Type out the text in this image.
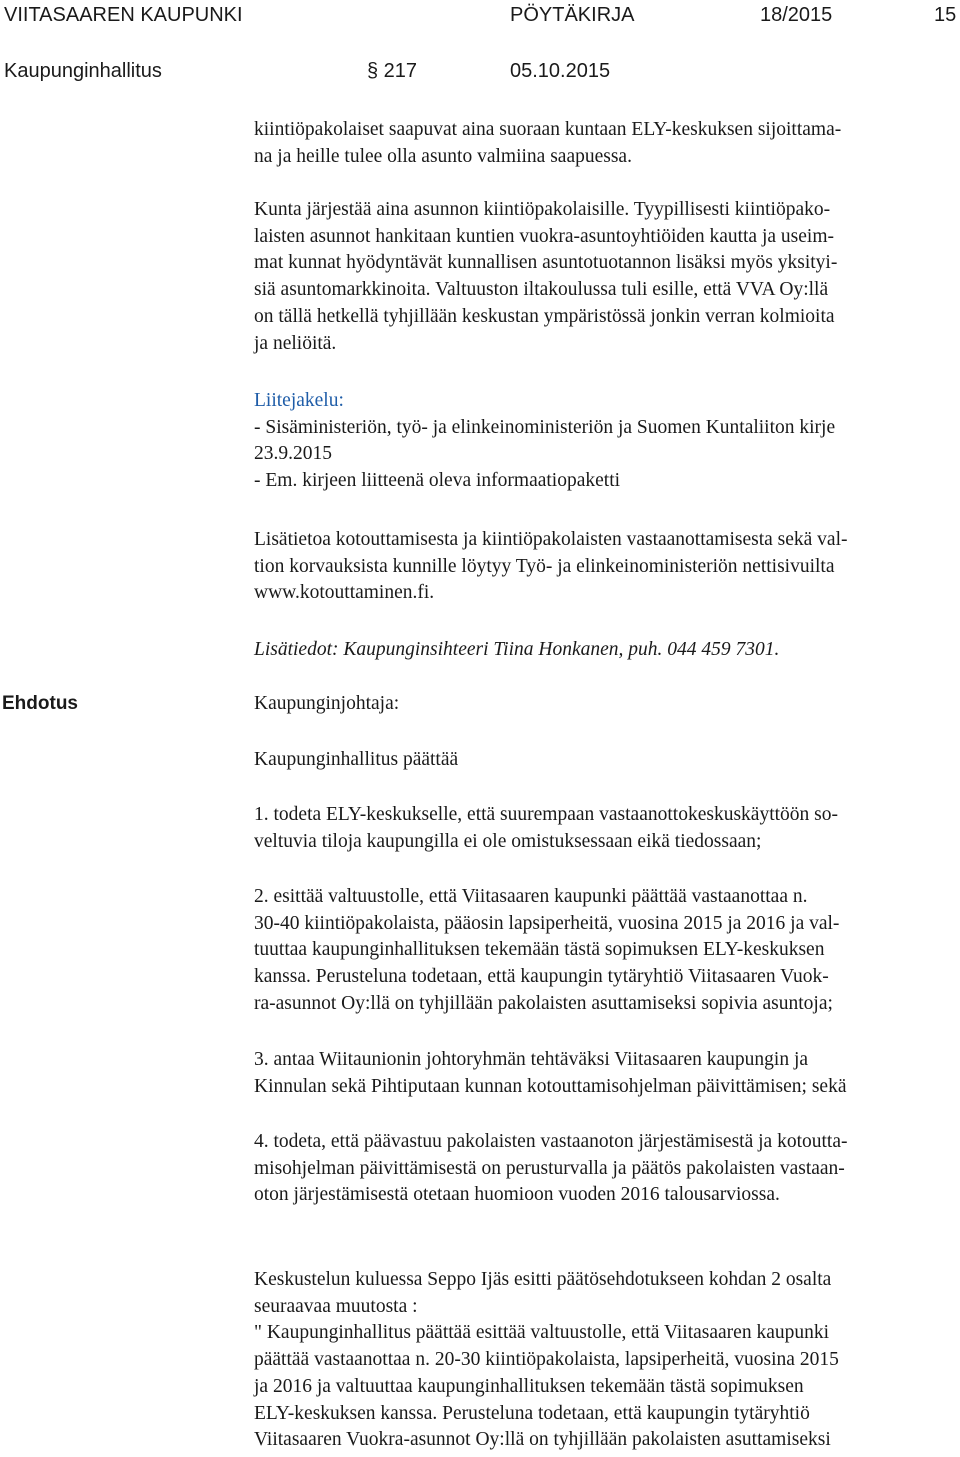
VIITASAAREN KAUPUNKI	PÖYTÄKIRJA	18/2015	15
Kaupunginhallitus	§ 217	05.10.2015
kiintiöpakolaiset saapuvat aina suoraan kuntaan ELY-keskuksen sijoittama-
na ja heille tulee olla asunto valmiina saapuessa.
Kunta järjestää aina asunnon kiintiöpakolaisille. Tyypillisesti kiintiöpako-
laisten asunnot hankitaan kuntien vuokra-asuntoyhtiöiden kautta ja useim-
mat kunnat hyödyntävät kunnallisen asuntotuotannon lisäksi myös yksityi-
siä asuntomarkkinoita. Valtuuston iltakoulussa tuli esille, että VVA Oy:llä
on tällä hetkellä tyhjillään keskustan ympäristössä jonkin verran kolmioita
ja neliöitä.
Liitejakelu:
- Sisäministeriön, työ- ja elinkeinoministeriön ja Suomen Kuntaliiton kirje
23.9.2015
- Em. kirjeen liitteenä oleva informaatiopaketti
Lisätietoa kotouttamisesta ja kiintiöpakolaisten vastaanottamisesta sekä val-
tion korvauksista kunnille löytyy Työ- ja elinkeinoministeriön nettisivuilta
www.kotouttaminen.fi.
Lisätiedot: Kaupunginsihteeri Tiina Honkanen, puh. 044 459 7301.
Ehdotus	Kaupunginjohtaja:
Kaupunginhallitus päättää
1. todeta ELY-keskukselle, että suurempaan vastaanottokeskuskäyttöön so-
veltuvia tiloja kaupungilla ei ole omistuksessaan eikä tiedossaan;
2. esittää valtuustolle, että Viitasaaren kaupunki päättää vastaanottaa n.
30-40 kiintiöpakolaista, pääosin lapsiperheitä, vuosina 2015 ja 2016 ja val-
tuuttaa kaupunginhallituksen tekemään tästä sopimuksen ELY-keskuksen
kanssa. Perusteluna todetaan, että kaupungin tytäryhtiö Viitasaaren Vuok-
ra-asunnot Oy:llä on tyhjillään pakolaisten asuttamiseksi sopivia asuntoja;
3. antaa Wiitaunionin johtoryhmän tehtäväksi Viitasaaren kaupungin ja
Kinnulan sekä Pihtiputaan kunnan kotouttamisohjelman päivittämisen; sekä
4. todeta, että päävastuu pakolaisten vastaanoton järjestämisestä ja kotoutta-
misohjelman päivittämisestä on perusturvalla ja päätös pakolaisten vastaan-
oton järjestämisestä otetaan huomioon vuoden 2016 talousarviossa.
Keskustelun kuluessa Seppo Ijäs esitti päätösehdotukseen kohdan 2 osalta
seuraavaa muutosta :
" Kaupunginhallitus päättää esittää valtuustolle, että Viitasaaren kaupunki
päättää vastaanottaa n. 20-30 kiintiöpakolaista, lapsiperheitä, vuosina 2015
ja 2016 ja valtuuttaa kaupunginhallituksen tekemään tästä sopimuksen
ELY-keskuksen kanssa. Perusteluna todetaan, että kaupungin tytäryhtiö
Viitasaaren Vuokra-asunnot Oy:llä on tyhjillään pakolaisten asuttamiseksi
